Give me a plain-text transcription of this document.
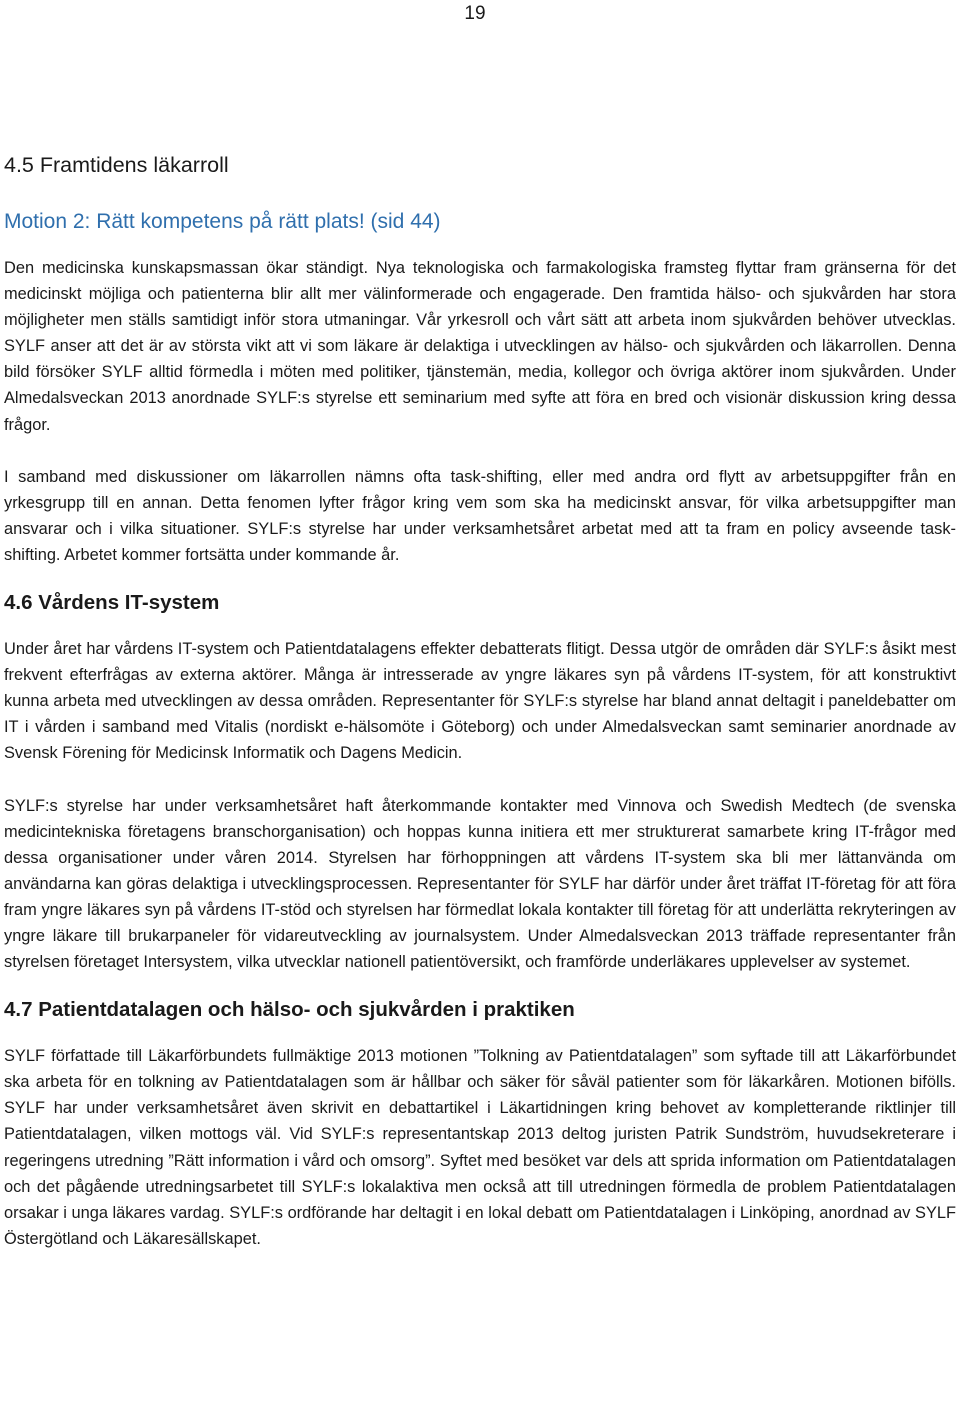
19
4.5 Framtidens läkarroll
Motion 2: Rätt kompetens på rätt plats! (sid 44)

Den medicinska kunskapsmassan ökar ständigt. Nya teknologiska och farmakologiska framsteg flyttar fram gränserna för det medicinskt möjliga och patienterna blir allt mer välinformerade och engagerade. Den framtida hälso- och sjukvården har stora möjligheter men ställs samtidigt inför stora utmaningar. Vår yrkesroll och vårt sätt att arbeta inom sjukvården behöver utvecklas. SYLF anser att det är av största vikt att vi som läkare är delaktiga i utvecklingen av hälso- och sjukvården och läkarrollen. Denna bild försöker SYLF alltid förmedla i möten med politiker, tjänstemän, media, kollegor och övriga aktörer inom sjukvården. Under Almedalsveckan 2013 anordnade SYLF:s styrelse ett seminarium med syfte att föra en bred och visionär diskussion kring dessa frågor.

I samband med diskussioner om läkarrollen nämns ofta task-shifting, eller med andra ord flytt av arbetsuppgifter från en yrkesgrupp till en annan. Detta fenomen lyfter frågor kring vem som ska ha medicinskt ansvar, för vilka arbetsuppgifter man ansvarar och i vilka situationer. SYLF:s styrelse har under verksamhetsåret arbetat med att ta fram en policy avseende task-shifting. Arbetet kommer fortsätta under kommande år.

4.6 Vårdens IT-system

Under året har vårdens IT-system och Patientdatalagens effekter debatterats flitigt. Dessa utgör de områden där SYLF:s åsikt mest frekvent efterfrågas av externa aktörer. Många är intresserade av yngre läkares syn på vårdens IT-system, för att konstruktivt kunna arbeta med utvecklingen av dessa områden. Representanter för SYLF:s styrelse har bland annat deltagit i paneldebatter om IT i vården i samband med Vitalis (nordiskt e-hälsomöte i Göteborg) och under Almedalsveckan samt seminarier anordnade av Svensk Förening för Medicinsk Informatik och Dagens Medicin.

SYLF:s styrelse har under verksamhetsåret haft återkommande kontakter med Vinnova och Swedish Medtech (de svenska medicintekniska företagens branschorganisation) och hoppas kunna initiera ett mer strukturerat samarbete kring IT-frågor med dessa organisationer under våren 2014. Styrelsen har förhoppningen att vårdens IT-system ska bli mer lättanvända om användarna kan göras delaktiga i utvecklingsprocessen. Representanter för SYLF har därför under året träffat IT-företag för att föra fram yngre läkares syn på vårdens IT-stöd och styrelsen har förmedlat lokala kontakter till företag för att underlätta rekryteringen av yngre läkare till brukarpaneler för vidareutveckling av journalsystem. Under Almedalsveckan 2013 träffade representanter från styrelsen företaget Intersystem, vilka utvecklar nationell patientöversikt, och framförde underläkares upplevelser av systemet.

4.7 Patientdatalagen och hälso- och sjukvården i praktiken

SYLF författade till Läkarförbundets fullmäktige 2013 motionen ”Tolkning av Patientdatalagen” som syftade till att Läkarförbundet ska arbeta för en tolkning av Patientdatalagen som är hållbar och säker för såväl patienter som för läkarkåren. Motionen bifölls. SYLF har under verksamhetsåret även skrivit en debattartikel i Läkartidningen kring behovet av kompletterande riktlinjer till Patientdatalagen, vilken mottogs väl. Vid SYLF:s representantskap 2013 deltog juristen Patrik Sundström, huvudsekreterare i regeringens utredning ”Rätt information i vård och omsorg”. Syftet med besöket var dels att sprida information om Patientdatalagen och det pågående utredningsarbetet till SYLF:s lokalaktiva men också att till utredningen förmedla de problem Patientdatalagen orsakar i unga läkares vardag. SYLF:s ordförande har deltagit i en lokal debatt om Patientdatalagen i Linköping, anordnad av SYLF Östergötland och Läkaresällskapet.
